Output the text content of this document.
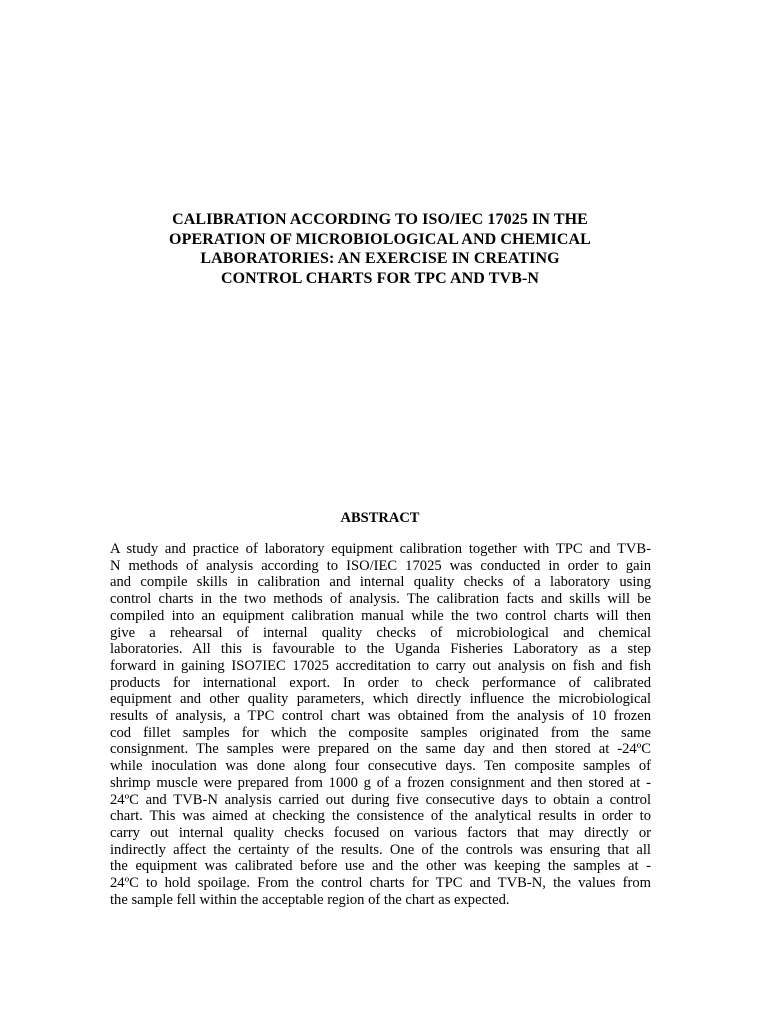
CALIBRATION ACCORDING TO ISO/IEC 17025 IN THE
OPERATION OF MICROBIOLOGICAL AND CHEMICAL
LABORATORIES: AN EXERCISE IN CREATING
CONTROL CHARTS FOR TPC AND TVB-N
ABSTRACT
A study and practice of laboratory equipment calibration together with TPC and TVB-
N methods of analysis according to ISO/IEC 17025 was conducted in order to gain
and compile skills in calibration and internal quality checks of a laboratory using
control charts in the two methods of analysis. The calibration facts and skills will be
compiled into an equipment calibration manual while the two control charts will then
give a rehearsal of internal quality checks of microbiological and chemical
laboratories. All this is favourable to the Uganda Fisheries Laboratory as a step
forward in gaining ISO7IEC 17025 accreditation to carry out analysis on fish and fish
products for international export. In order to check performance of calibrated
equipment and other quality parameters, which directly influence the microbiological
results of analysis, a TPC control chart was obtained from the analysis of 10 frozen
cod fillet samples for which the composite samples originated from the same
consignment. The samples were prepared on the same day and then stored at -24ºC
while inoculation was done along four consecutive days. Ten composite samples of
shrimp muscle were prepared from 1000 g of a frozen consignment and then stored at -
24ºC and TVB-N analysis carried out during five consecutive days to obtain a control
chart. This was aimed at checking the consistence of the analytical results in order to
carry out internal quality checks focused on various factors that may directly or
indirectly affect the certainty of the results. One of the controls was ensuring that all
the equipment was calibrated before use and the other was keeping the samples at -
24ºC to hold spoilage. From the control charts for TPC and TVB-N, the values from
the sample fell within the acceptable region of the chart as expected.
